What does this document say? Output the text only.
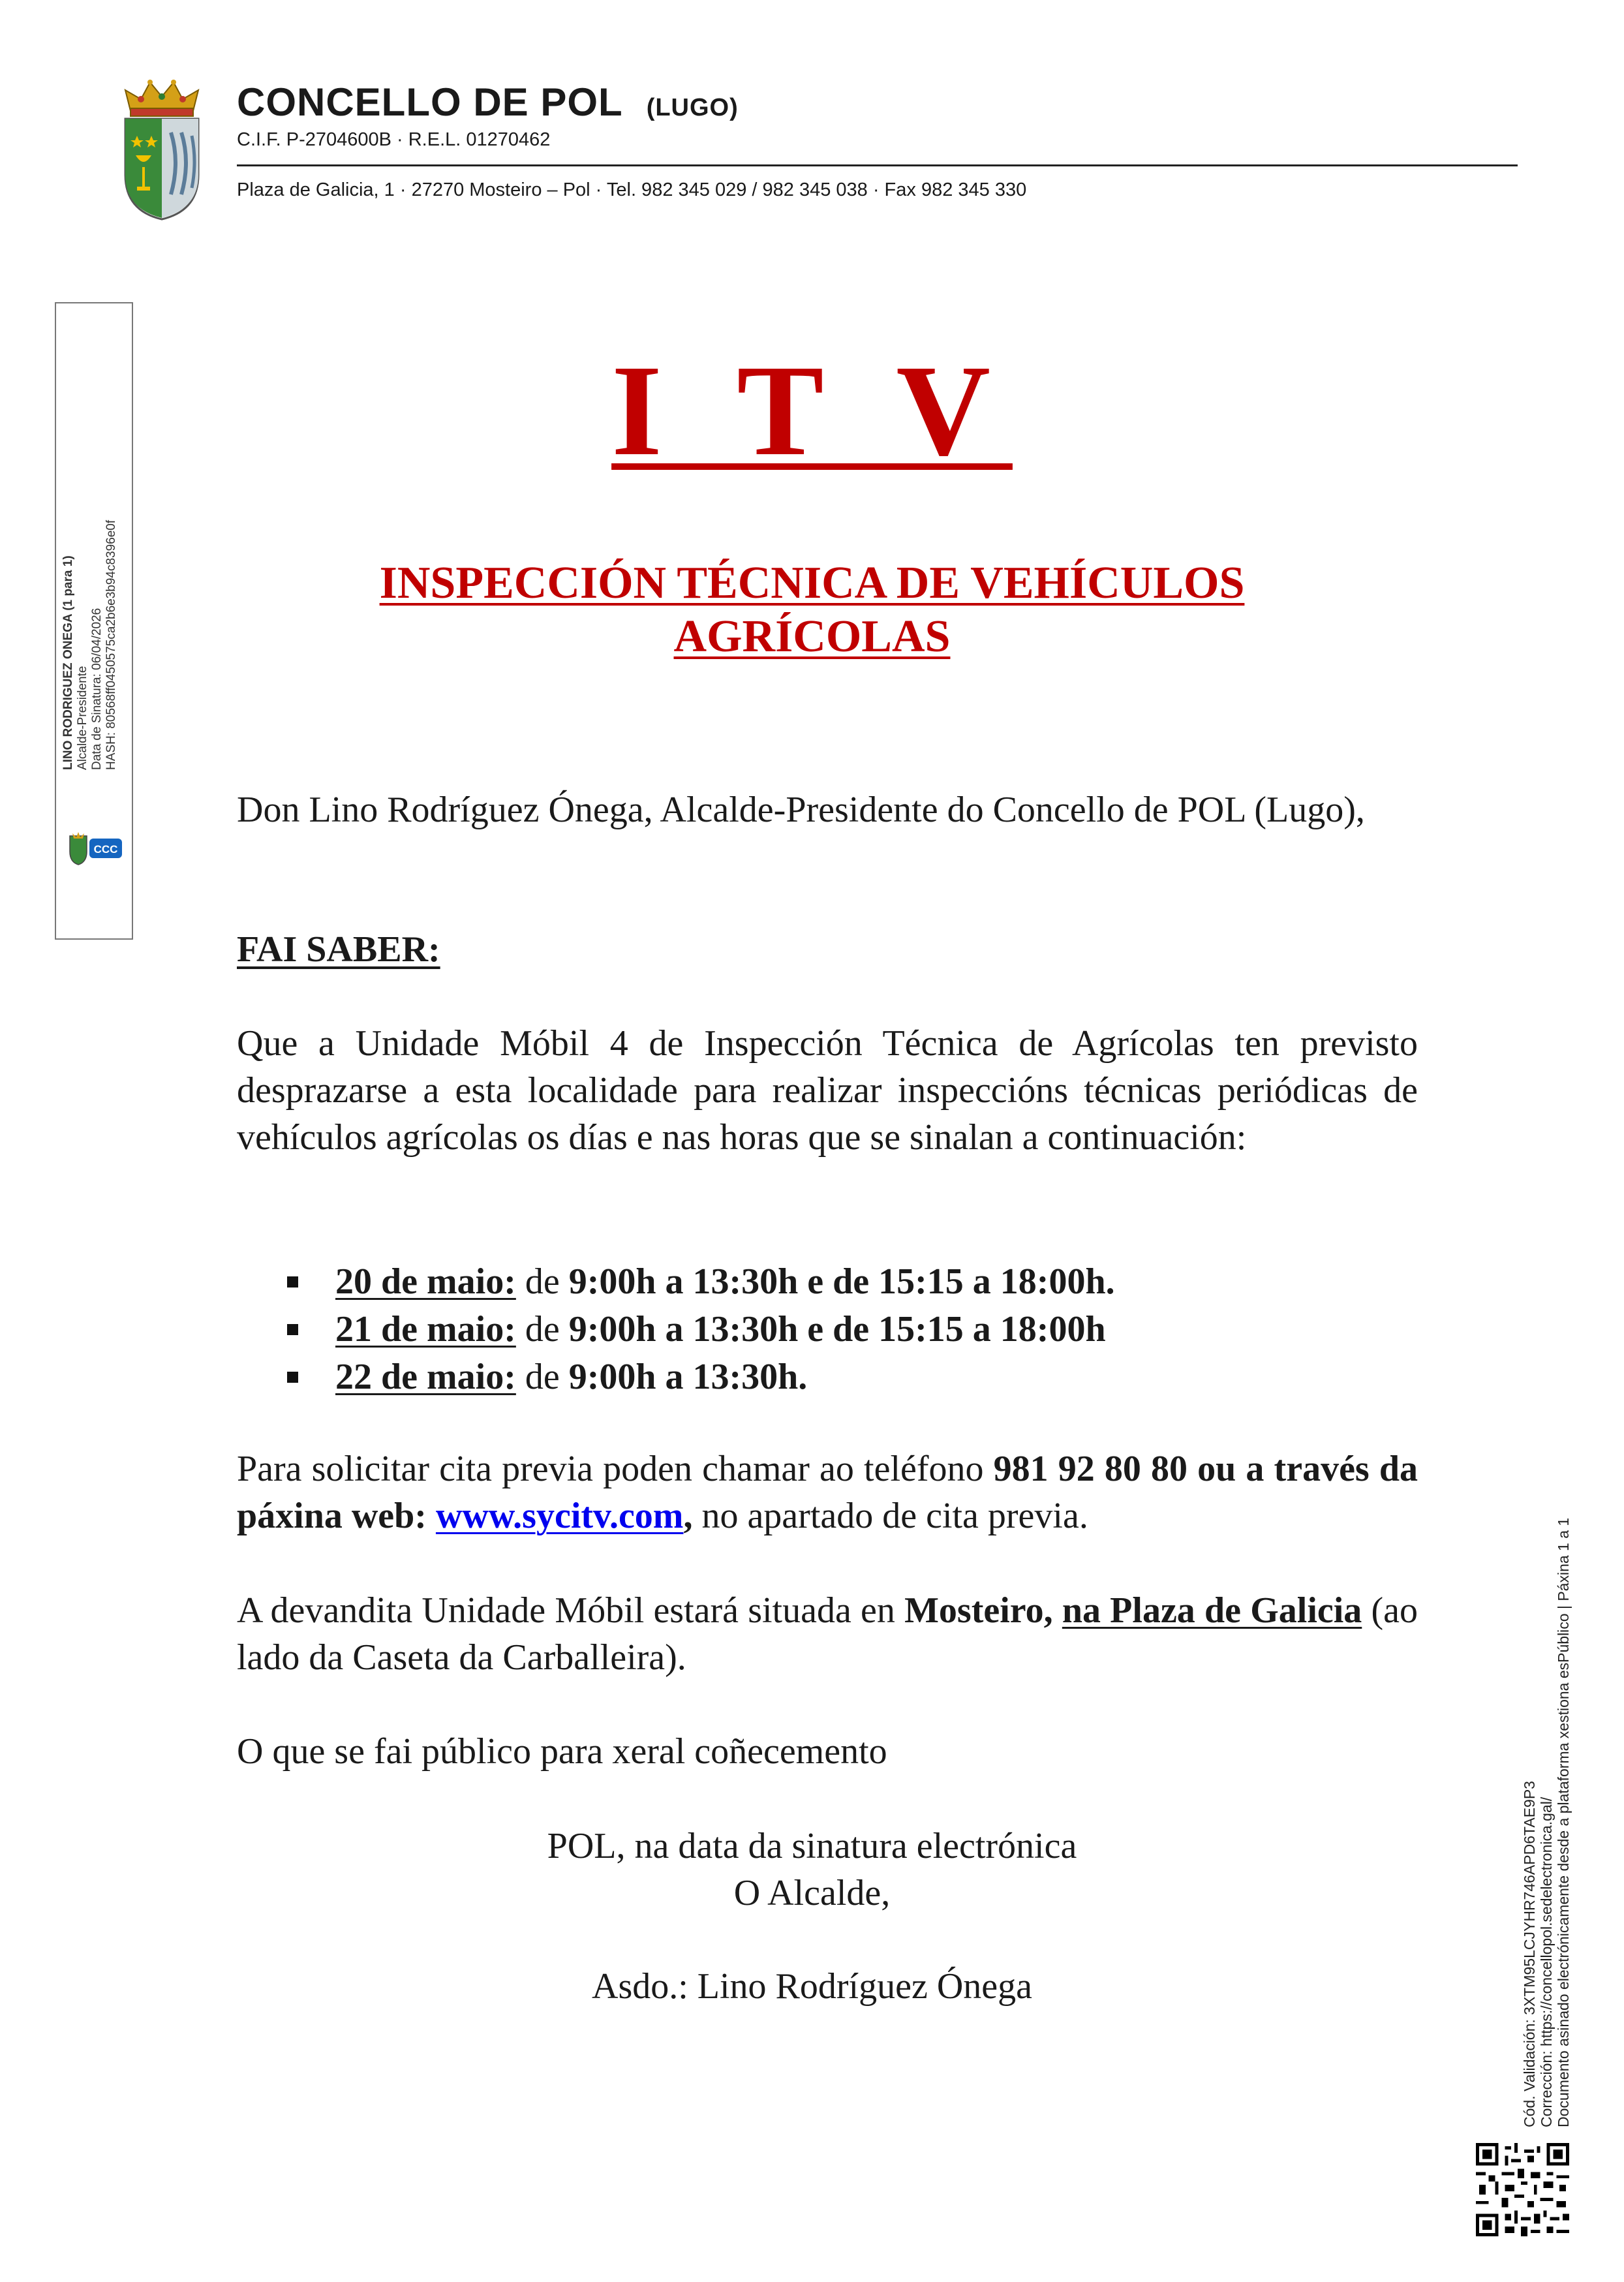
CONCELLO DE POL (LUGO)
C.I.F. P-2704600B · R.E.L. 01270462
Plaza de Galicia, 1 · 27270 Mosteiro – Pol · Tel. 982 345 029 / 982 345 038 · Fax 982 345 330
LINO RODRIGUEZ ONEGA (1 para 1) Alcalde-Presidente Data de Sinatura: 06/04/2026 HASH: 80568ff0450575ca2b6e3b94c8396e0f
CCC
I T V
INSPECCIÓN TÉCNICA DE VEHÍCULOS
AGRÍCOLAS
Don Lino Rodríguez Ónega, Alcalde-Presidente do Concello de POL (Lugo),
FAI SABER:
Que a Unidade Móbil 4 de Inspección Técnica de Agrícolas ten previsto desprazarse a esta localidade para realizar inspeccións técnicas periódicas de vehículos agrícolas os días e nas horas que se sinalan a continuación:
20 de maio: de 9:00h a 13:30h e de 15:15 a 18:00h.
21 de maio: de 9:00h a 13:30h e de 15:15 a 18:00h
22 de maio: de 9:00h a 13:30h.
Para solicitar cita previa poden chamar ao teléfono 981 92 80 80 ou a través da páxina web: www.sycitv.com, no apartado de cita previa.
A devandita Unidade Móbil estará situada en Mosteiro, na Plaza de Galicia (ao lado da Caseta da Carballeira).
O que se fai público para xeral coñecemento
POL, na data da sinatura electrónica
O Alcalde,
Asdo.: Lino Rodríguez Ónega	Cód. Validación: 3XTM95LCJYHR746APD6TAE9P3 Corrección: https://concellopol.sedelectronica.gal/ Documento asinado electrónicamente desde a plataforma xestiona esPúblico | Páxina 1 a 1
